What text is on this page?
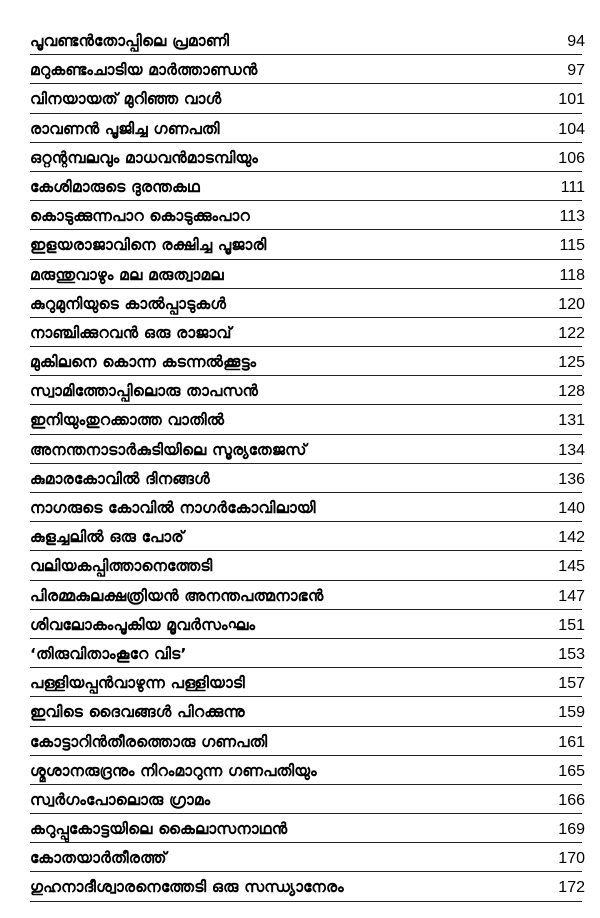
പൂവണ്ടൻതോപ്പിലെ പ്രമാണി	94
മറുകണ്ടംചാടിയ മാർത്താണ്ഡൻ	97
വിനയായത് മുറിഞ്ഞ വാൾ	101
രാവണൻ പൂജിച്ച ഗണപതി	104
ഒറ്റന്റമ്പലവും മാധവൻമാടമ്പിയും	106
കേശിമാരുടെ ദുരന്തകഥ	111
കൊടുക്കുന്നപാറ കൊടുക്കുംപാറ	113
ഇളയരാജാവിനെ രക്ഷിച്ച പൂജാരി	115
മരുന്തുവാഴും മല മരുത്വാമല	118
കുറുമുനിയുടെ കാൽപ്പാടുകൾ	120
നാഞ്ചിക്കുറവൻ ഒരു രാജാവ്	122
മുകിലനെ കൊന്ന കടന്നൽക്കൂട്ടം	125
സ്വാമിത്തോപ്പിലൊരു താപസൻ	128
ഇനിയുംതുറക്കാത്ത വാതിൽ	131
അനന്തനാടാർകുടിയിലെ സൂര്യതേജസ്	134
കുമാരകോവിൽ ദിനങ്ങൾ	136
നാഗരുടെ കോവിൽ നാഗർകോവിലായി	140
കുളച്ചലിൽ ഒരു പോര്	142
വലിയകപ്പിത്താനെത്തേടി	145
പിരമ്മകുലക്ഷത്രിയൻ അനന്തപത്മനാഭൻ	147
ശിവലോകംപൂകിയ മൂവർസംഘം	151
‘തിരുവിതാംകൂറേ വിട’	153
പള്ളിയപ്പൻവാഴുന്ന പള്ളിയാടി	157
ഇവിടെ ദൈവങ്ങൾ പിറക്കുന്നു	159
കോട്ടാറിൻതീരത്തൊരു ഗണപതി	161
ശ്മശാനരുദ്രനും നിറംമാറുന്ന ഗണപതിയും	165
സ്വർഗംപോലൊരു ഗ്രാമം	166
കറുപ്പുകോട്ടയിലെ കൈലാസനാഥൻ	169
കോതയാർതീരത്ത്	170
ഗുഹനാദീശ്വാരനെത്തേടി ഒരു സന്ധ്യാനേരം	172
